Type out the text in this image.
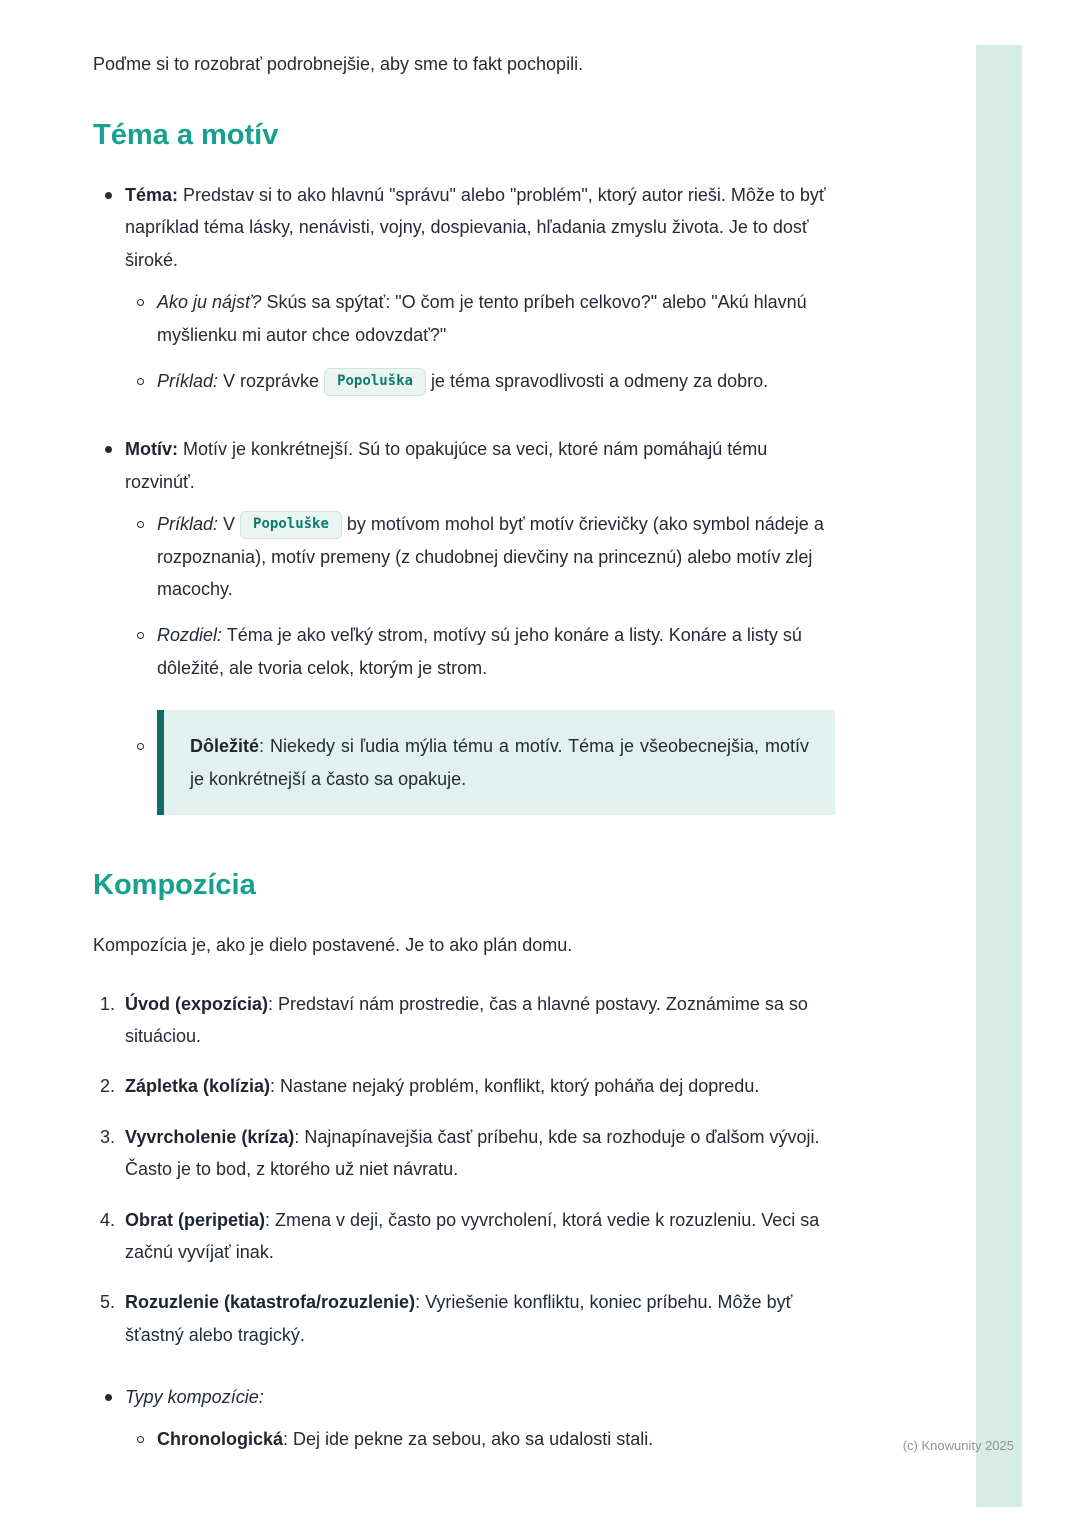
(c) Knowunity 2025

Poďme si to rozobrať podrobnejšie, aby sme to fakt pochopili.

Téma a motív

Téma: Predstav si to ako hlavnú "správu" alebo "problém", ktorý autor rieši. Môže to byť napríklad téma lásky, nenávisti, vojny, dospievania, hľadania zmyslu života. Je to dosť široké.

Ako ju nájsť? Skús sa spýtať: "O čom je tento príbeh celkovo?" alebo "Akú hlavnú myšlienku mi autor chce odovzdať?"

Príklad: V rozprávke Popoluška je téma spravodlivosti a odmeny za dobro.

Motív: Motív je konkrétnejší. Sú to opakujúce sa veci, ktoré nám pomáhajú tému rozvinúť.

Príklad: V Popoluške by motívom mohol byť motív črievičky (ako symbol nádeje a rozpoznania), motív premeny (z chudobnej dievčiny na princeznú) alebo motív zlej macochy.

Rozdiel: Téma je ako veľký strom, motívy sú jeho konáre a listy. Konáre a listy sú dôležité, ale tvoria celok, ktorým je strom.

Dôležité: Niekedy si ľudia mýlia tému a motív. Téma je všeobecnejšia, motív je konkrétnejší a často sa opakuje.

Kompozícia

Kompozícia je, ako je dielo postavené. Je to ako plán domu.

1. Úvod (expozícia): Predstaví nám prostredie, čas a hlavné postavy. Zoznámime sa so situáciou.

2. Zápletka (kolízia): Nastane nejaký problém, konflikt, ktorý poháňa dej dopredu.

3. Vyvrcholenie (kríza): Najnapínavejšia časť príbehu, kde sa rozhoduje o ďalšom vývoji. Často je to bod, z ktorého už niet návratu.

4. Obrat (peripetia): Zmena v deji, často po vyvrcholení, ktorá vedie k rozuzleniu. Veci sa začnú vyvíjať inak.

5. Rozuzlenie (katastrofa/rozuzlenie): Vyriešenie konfliktu, koniec príbehu. Môže byť šťastný alebo tragický.

Typy kompozície:

Chronologická: Dej ide pekne za sebou, ako sa udalosti stali.
